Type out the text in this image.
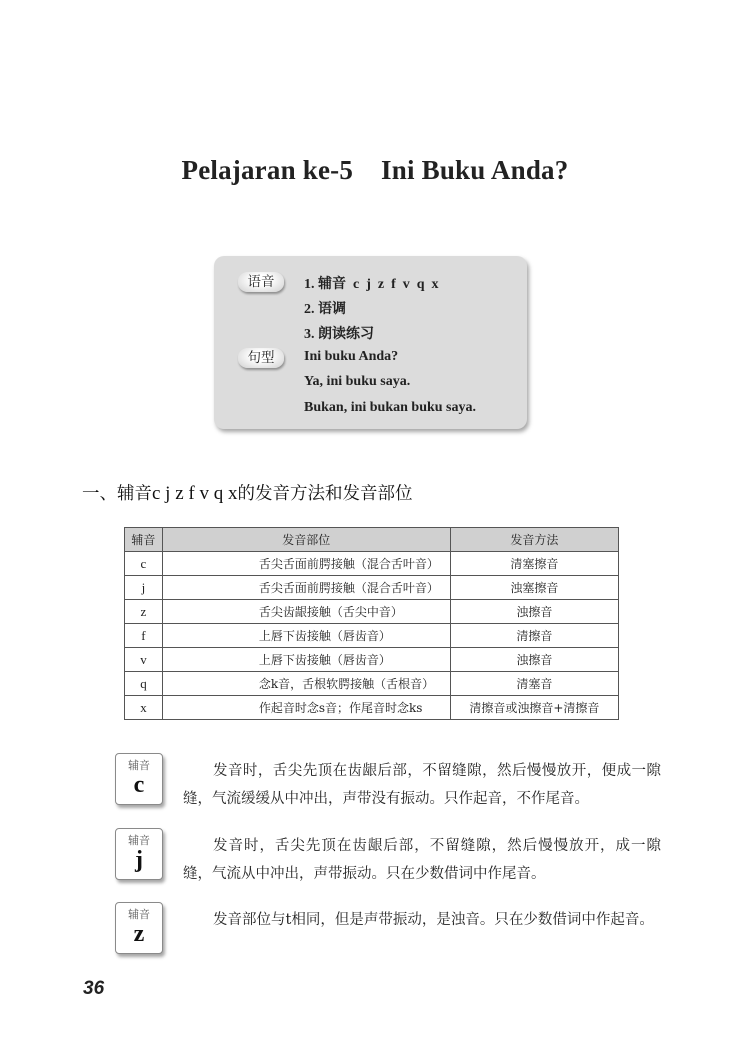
Pelajaran ke-5 Ini Buku Anda?
语音	1. 辅音  c  j  z  f  v  q  x
2. 语调
3. 朗读练习
句型	Ini buku Anda?
Ya, ini buku saya.
Bukan, ini bukan buku saya.
一、辅音c j z f v q x的发音方法和发音部位
辅音	发音部位	发音方法
c	舌尖舌面前腭接触（混合舌叶音）	清塞擦音
j	舌尖舌面前腭接触（混合舌叶音）	浊塞擦音
z	舌尖齿龈接触（舌尖中音）	浊擦音
f	上唇下齿接触（唇齿音）	清擦音
v	上唇下齿接触（唇齿音）	浊擦音
q	念k音，舌根软腭接触（舌根音）	清塞音
x	作起音时念s音；作尾音时念ks	清擦音或浊擦音+清擦音
辅音
c
发音时，舌尖先顶在齿龈后部，不留缝隙，然后慢慢放开，便成一隙缝，气流缓缓从中冲出，声带没有振动。只作起音，不作尾音。
辅音
j
发音时，舌尖先顶在齿龈后部，不留缝隙，然后慢慢放开，成一隙缝，气流从中冲出，声带振动。只在少数借词中作尾音。
辅音
z
发音部位与t相同，但是声带振动，是浊音。只在少数借词中作起音。
36
